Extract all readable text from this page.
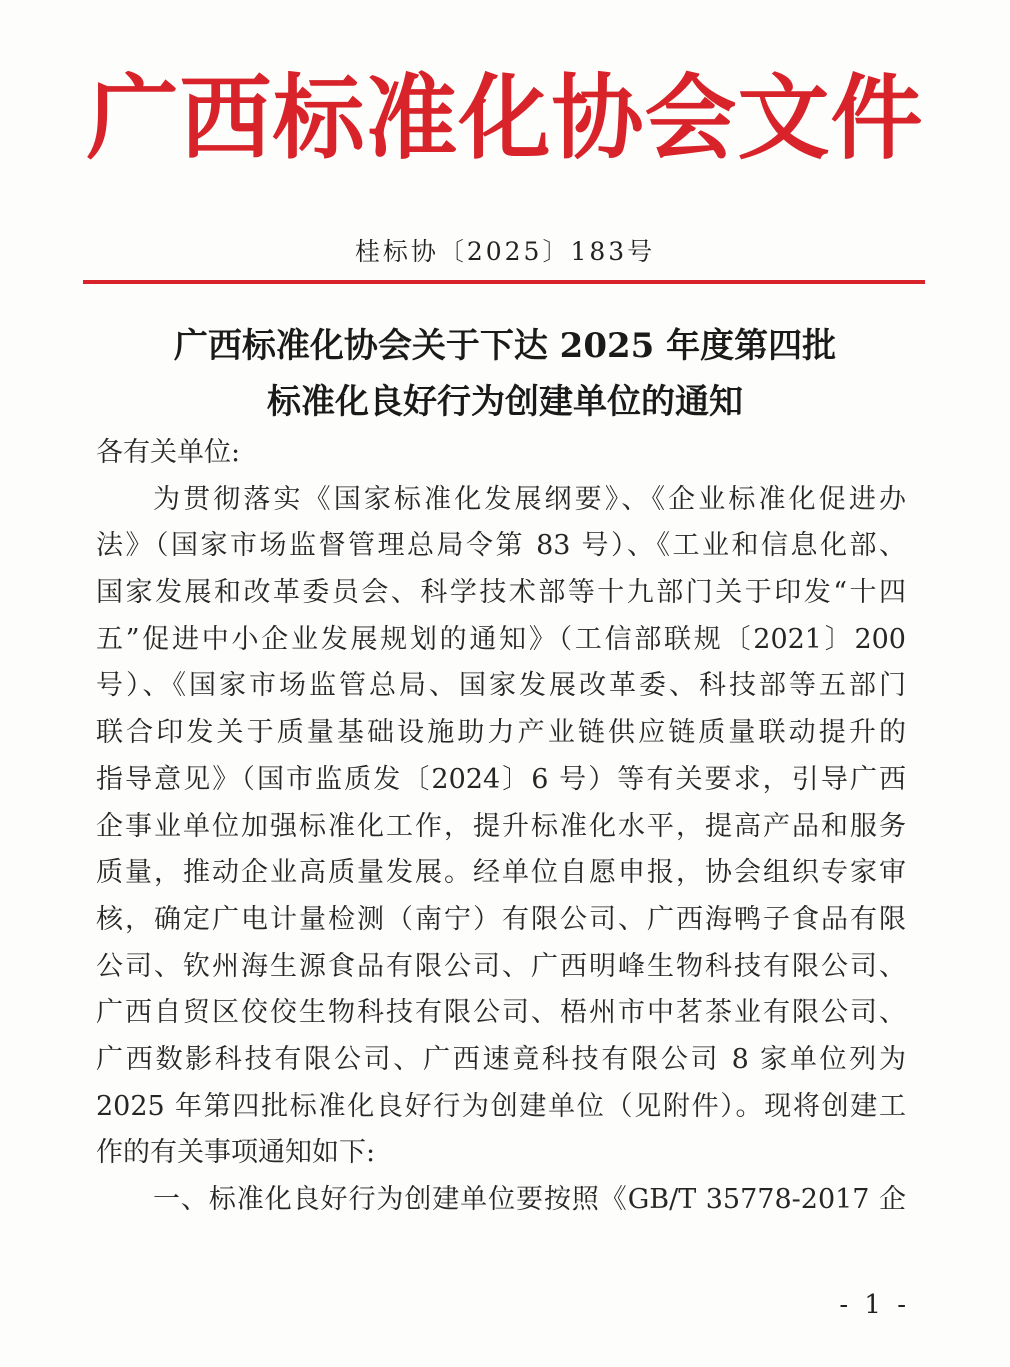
广西标准化协会文件
桂标协〔2025〕183号
广西标准化协会关于下达 2025 年度第四批
标准化良好行为创建单位的通知
各有关单位:
为贯彻落实《国家标准化发展纲要》、《企业标准化促进办
法》（国家市场监督管理总局令第 83 号）、《工业和信息化部、
国家发展和改革委员会、科学技术部等十九部门关于印发“十四
五”促进中小企业发展规划的通知》（工信部联规〔2021〕200
号）、《国家市场监管总局、国家发展改革委、科技部等五部门
联合印发关于质量基础设施助力产业链供应链质量联动提升的
指导意见》（国市监质发〔2024〕6 号）等有关要求，引导广西
企事业单位加强标准化工作，提升标准化水平，提高产品和服务
质量，推动企业高质量发展。经单位自愿申报，协会组织专家审
核，确定广电计量检测（南宁）有限公司、广西海鸭子食品有限
公司、钦州海生源食品有限公司、广西明峰生物科技有限公司、
广西自贸区佼佼生物科技有限公司、梧州市中茗茶业有限公司、
广西数影科技有限公司、广西速竟科技有限公司 8 家单位列为
2025 年第四批标准化良好行为创建单位（见附件）。现将创建工
作的有关事项通知如下:
一、标准化良好行为创建单位要按照《GB/T 35778-2017 企
- 1 -
